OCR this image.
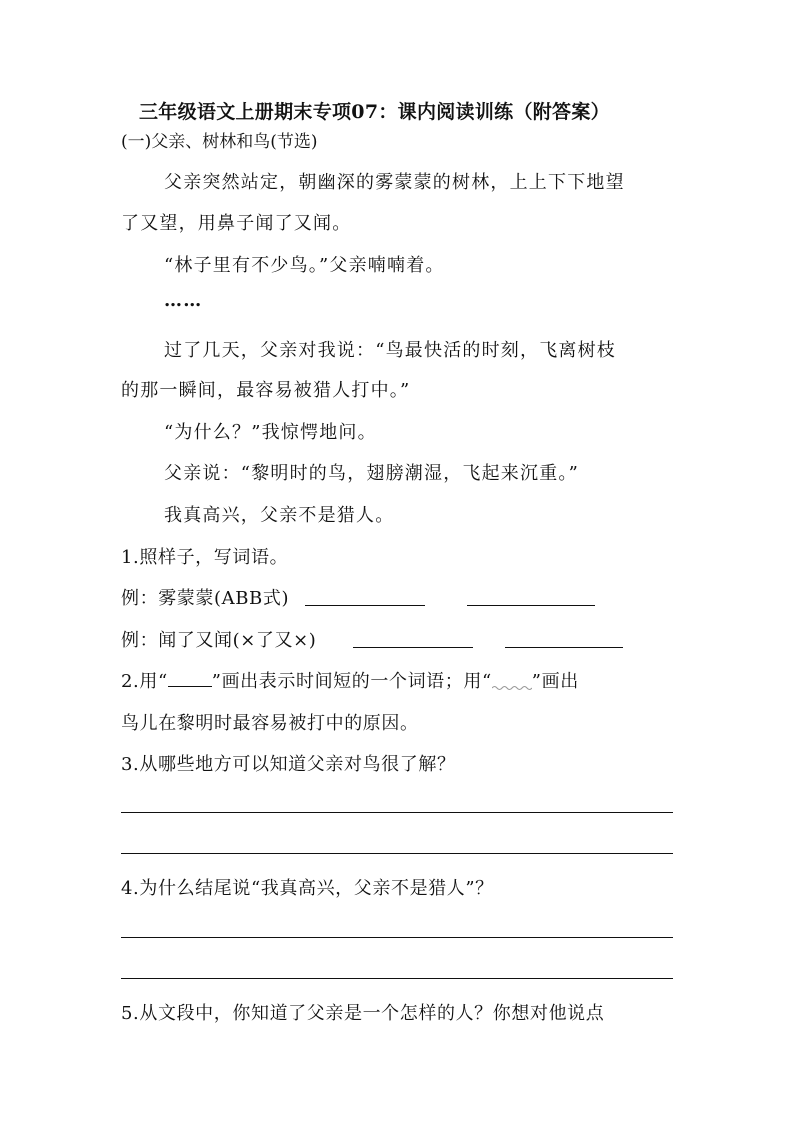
三年级语文上册期末专项07：课内阅读训练（附答案）
(一)父亲、树林和鸟(节选)
父亲突然站定，朝幽深的雾蒙蒙的树林，上上下下地望
了又望，用鼻子闻了又闻。
“林子里有不少鸟。”父亲喃喃着。
……
过了几天，父亲对我说：“鸟最快活的时刻，飞离树枝
的那一瞬间，最容易被猎人打中。”
“为什么？”我惊愕地问。
父亲说：“黎明时的鸟，翅膀潮湿，飞起来沉重。”
我真高兴，父亲不是猎人。
1.照样子，写词语。
例：雾蒙蒙(ABB式)
例：闻了又闻(×了又×)
2.用“ ”画出表示时间短的一个词语；用“ ”画出
鸟儿在黎明时最容易被打中的原因。
3.从哪些地方可以知道父亲对鸟很了解？
4.为什么结尾说“我真高兴，父亲不是猎人”？
5.从文段中，你知道了父亲是一个怎样的人？你想对他说点
